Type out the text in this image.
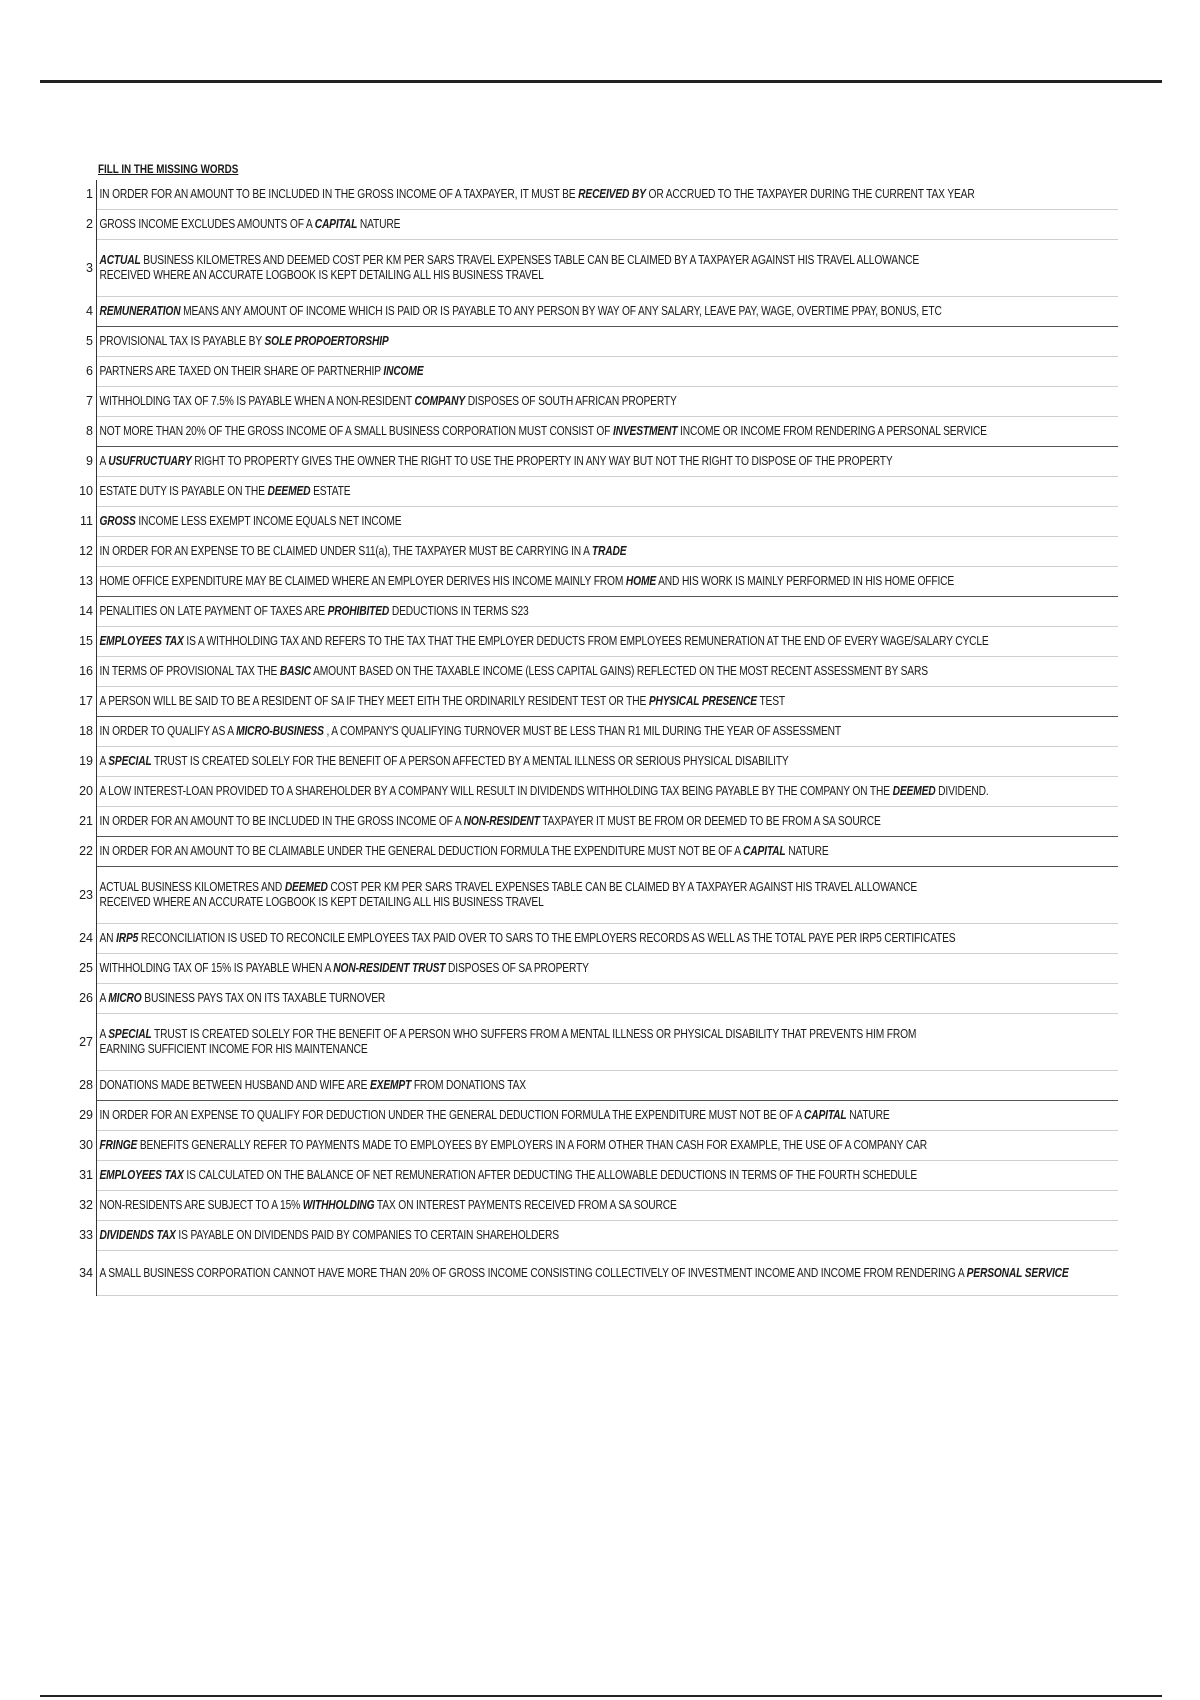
FILL IN THE MISSING WORDS
1 IN ORDER FOR AN AMOUNT TO BE INCLUDED IN THE GROSS INCOME OF A TAXPAYER, IT MUST BE RECEIVED BY OR ACCRUED TO THE TAXPAYER DURING THE CURRENT TAX YEAR
2 GROSS INCOME EXCLUDES AMOUNTS OF A CAPITAL NATURE
3
ACTUAL BUSINESS KILOMETRES AND DEEMED COST PER KM PER SARS TRAVEL EXPENSES TABLE CAN BE CLAIMED BY A TAXPAYER AGAINST HIS TRAVEL ALLOWANCE RECEIVED WHERE AN ACCURATE LOGBOOK IS KEPT DETAILING ALL HIS BUSINESS TRAVEL
4 REMUNERATION MEANS ANY AMOUNT OF INCOME WHICH IS PAID OR IS PAYABLE TO ANY PERSON BY WAY OF ANY SALARY, LEAVE PAY, WAGE, OVERTIME PPAY, BONUS, ETC
5 PROVISIONAL TAX IS PAYABLE BY SOLE PROPOERTORSHIP
6 PARTNERS ARE TAXED ON THEIR SHARE OF PARTNERHIP INCOME
7 WITHHOLDING TAX OF 7.5% IS PAYABLE WHEN A NON-RESIDENT COMPANY DISPOSES OF SOUTH AFRICAN PROPERTY
8 NOT MORE THAN 20% OF THE GROSS INCOME OF A SMALL BUSINESS CORPORATION MUST CONSIST OF INVESTMENT INCOME OR INCOME FROM RENDERING A PERSONAL SERVICE
9 A USUFRUCTUARY RIGHT TO PROPERTY GIVES THE OWNER THE RIGHT TO USE THE PROPERTY IN ANY WAY BUT NOT THE RIGHT TO DISPOSE OF THE PROPERTY
10 ESTATE DUTY IS PAYABLE ON THE DEEMED ESTATE
11 GROSS INCOME LESS EXEMPT INCOME EQUALS NET INCOME
12 IN ORDER FOR AN EXPENSE TO BE CLAIMED UNDER S11(a), THE TAXPAYER MUST BE CARRYING IN A TRADE
13 HOME OFFICE EXPENDITURE MAY BE CLAIMED WHERE AN EMPLOYER DERIVES HIS INCOME MAINLY FROM HOME AND HIS WORK IS MAINLY PERFORMED IN HIS HOME OFFICE
14 PENALITIES ON LATE PAYMENT OF TAXES ARE PROHIBITED DEDUCTIONS IN TERMS S23
15 EMPLOYEES TAX IS A WITHHOLDING TAX AND REFERS TO THE TAX THAT THE EMPLOYER DEDUCTS FROM EMPLOYEES REMUNERATION AT THE END OF EVERY WAGE/SALARY CYCLE
16 IN TERMS OF PROVISIONAL TAX THE BASIC AMOUNT BASED ON THE TAXABLE INCOME (LESS CAPITAL GAINS) REFLECTED ON THE MOST RECENT ASSESSMENT BY SARS
17 A PERSON WILL BE SAID TO BE A RESIDENT OF SA IF THEY MEET EITH THE ORDINARILY RESIDENT TEST OR THE PHYSICAL PRESENCE TEST
18 IN ORDER TO QUALIFY AS A MICRO-BUSINESS , A COMPANY'S QUALIFYING TURNOVER MUST BE LESS THAN R1 MIL DURING THE YEAR OF ASSESSMENT
19 A SPECIAL TRUST IS CREATED SOLELY FOR THE BENEFIT OF A PERSON AFFECTED BY A MENTAL ILLNESS OR SERIOUS PHYSICAL DISABILITY
20 A LOW INTEREST-LOAN PROVIDED TO A SHAREHOLDER BY A COMPANY WILL RESULT IN DIVIDENDS WITHHOLDING TAX BEING PAYABLE BY THE COMPANY ON THE DEEMED DIVIDEND.
21 IN ORDER FOR AN AMOUNT TO BE INCLUDED IN THE GROSS INCOME OF A NON-RESIDENT TAXPAYER IT MUST BE FROM OR DEEMED TO BE FROM A SA SOURCE
22 IN ORDER FOR AN AMOUNT TO BE CLAIMABLE UNDER THE GENERAL DEDUCTION FORMULA THE EXPENDITURE MUST NOT BE OF A CAPITAL NATURE
23
ACTUAL BUSINESS KILOMETRES AND DEEMED COST PER KM PER SARS TRAVEL EXPENSES TABLE CAN BE CLAIMED BY A TAXPAYER AGAINST HIS TRAVEL ALLOWANCE RECEIVED WHERE AN ACCURATE LOGBOOK IS KEPT DETAILING ALL HIS BUSINESS TRAVEL
24 AN IRP5 RECONCILIATION IS USED TO RECONCILE EMPLOYEES TAX PAID OVER TO SARS TO THE EMPLOYERS RECORDS AS WELL AS THE TOTAL PAYE PER IRP5 CERTIFICATES
25 WITHHOLDING TAX OF 15% IS PAYABLE WHEN A NON-RESIDENT TRUST DISPOSES OF SA PROPERTY
26 A MICRO BUSINESS PAYS TAX ON ITS TAXABLE TURNOVER
27
A SPECIAL TRUST IS CREATED SOLELY FOR THE BENEFIT OF A PERSON WHO SUFFERS FROM A MENTAL ILLNESS OR PHYSICAL DISABILITY THAT PREVENTS HIM FROM EARNING SUFFICIENT INCOME FOR HIS MAINTENANCE
28 DONATIONS MADE BETWEEN HUSBAND AND WIFE ARE EXEMPT FROM DONATIONS TAX
29 IN ORDER FOR AN EXPENSE TO QUALIFY FOR DEDUCTION UNDER THE GENERAL DEDUCTION FORMULA THE EXPENDITURE MUST NOT BE OF A CAPITAL NATURE
30 FRINGE BENEFITS GENERALLY REFER TO PAYMENTS MADE TO EMPLOYEES BY EMPLOYERS IN A FORM OTHER THAN CASH FOR EXAMPLE, THE USE OF A COMPANY CAR
31 EMPLOYEES TAX IS CALCULATED ON THE BALANCE OF NET REMUNERATION AFTER DEDUCTING THE ALLOWABLE DEDUCTIONS IN TERMS OF THE FOURTH SCHEDULE
32 NON-RESIDENTS ARE SUBJECT TO A 15% WITHHOLDING TAX ON INTEREST PAYMENTS RECEIVED FROM A SA SOURCE
33 DIVIDENDS TAX IS PAYABLE ON DIVIDENDS PAID BY COMPANIES TO CERTAIN SHAREHOLDERS
34 A SMALL BUSINESS CORPORATION CANNOT HAVE MORE THAN 20% OF GROSS INCOME CONSISTING COLLECTIVELY OF INVESTMENT INCOME AND INCOME FROM RENDERING A PERSONAL SERVICE
